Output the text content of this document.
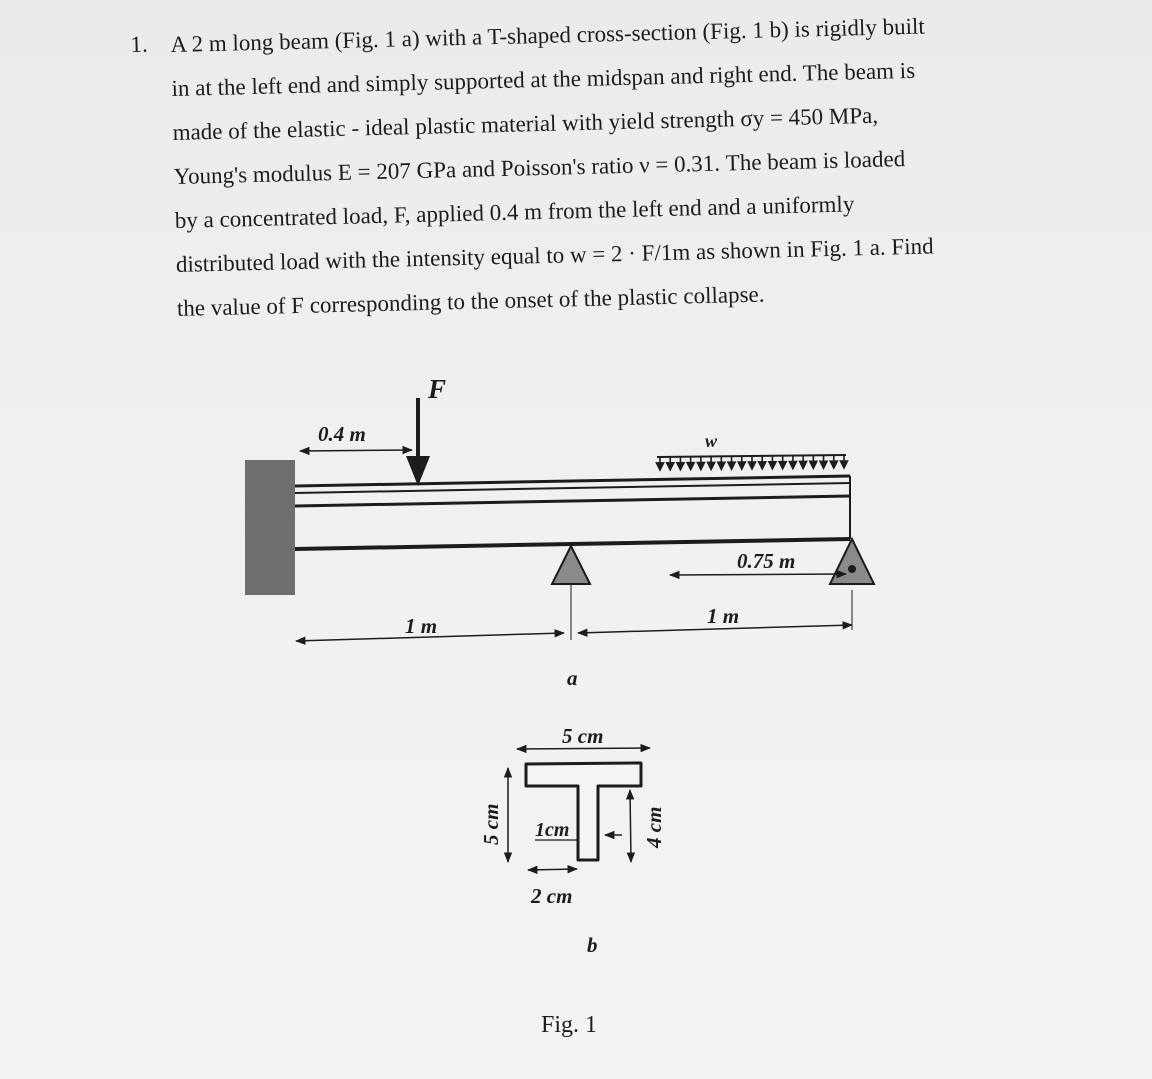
1. A 2 m long beam (Fig. 1 a) with a T-shaped cross-section (Fig. 1 b) is rigidly built
in at the left end and simply supported at the midspan and right end. The beam is
made of the elastic - ideal plastic material with yield strength σy = 450 MPa,
Young's modulus E = 207 GPa and Poisson's ratio ν = 0.31. The beam is loaded
by a concentrated load, F, applied 0.4 m from the left end and a uniformly
distributed load with the intensity equal to w = 2 · F/1m as shown in Fig. 1 a. Find
the value of F corresponding to the onset of the plastic collapse.
F
0.4 m	w
0.75 m
1 m	1 m
a
5 cm
5 cm	4 cm
1cm
2 cm
b
Fig. 1
